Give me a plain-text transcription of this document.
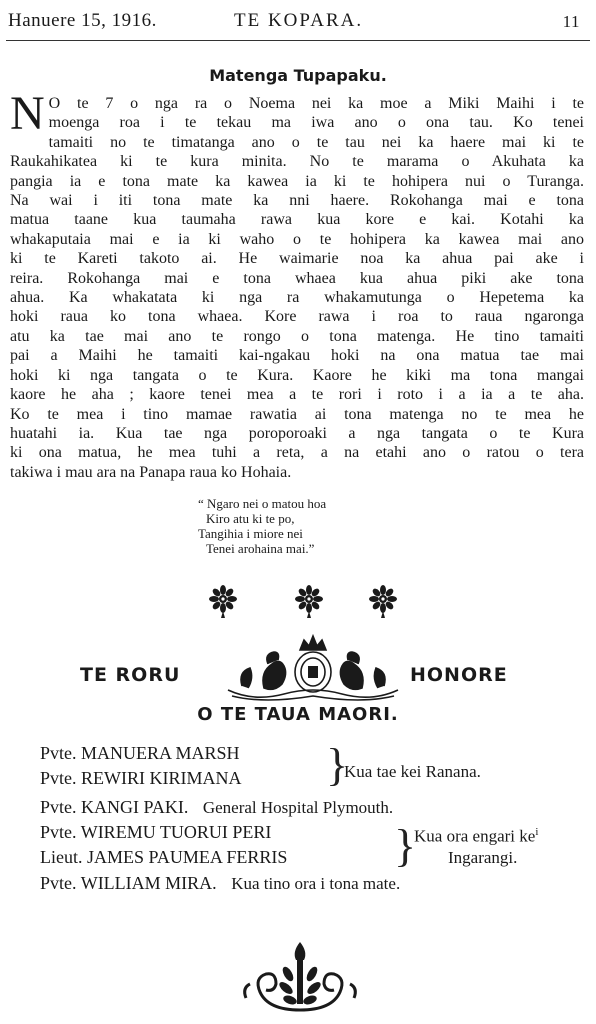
Hanuere 15, 1916.	TE KOPARA.	11
Matenga Tupapaku.
N O te 7 o nga ra o Noema nei ka moe a Miki Maihi i te
moenga roa i te tekau ma iwa ano o ona tau. Ko tenei
tamaiti no te timatanga ano o te tau nei ka haere mai ki te
Raukahikatea ki te kura minita. No te marama o Akuhata ka
pangia ia e tona mate ka kawea ia ki te hohipera nui o Turanga.
Na wai i iti tona mate ka nni haere. Rokohanga mai e tona
matua taane kua taumaha rawa kua kore e kai. Kotahi ka
whakaputaia mai e ia ki waho o te hohipera ka kawea mai ano
ki te Kareti takoto ai. He waimarie noa ka ahua pai ake i
reira. Rokohanga mai e tona whaea kua ahua piki ake tona
ahua. Ka whakatata ki nga ra whakamutunga o Hepetema ka
hoki raua ko tona whaea. Kore rawa i roa to raua ngaronga
atu ka tae mai ano te rongo o tona matenga. He tino tamaiti
pai a Maihi he tamaiti kai-ngakau hoki na ona matua tae mai
hoki ki nga tangata o te Kura. Kaore he kiki ma tona mangai
kaore he aha ; kaore tenei mea a te rori i roto i a ia a te aha.
Ko te mea i tino mamae rawatia ai tona matenga no te mea he
huatahi ia. Kua tae nga poroporoaki a nga tangata o te Kura
ki ona matua, he mea tuhi a reta, a na etahi ano o ratou o tera
takiwa i mau ara na Panapa raua ko Hohaia.
“ Ngaro nei o matou hoa
Kiro atu ki te po,
Tangihia i miore nei
Tenei arohaina mai.”
TE RORU	HONORE
O TE TAUA MAORI.
Pvte. MANUERA MARSH
Pvte. REWIRI KIRIMANA }
Kua tae kei Ranana.
Pvte. KANGI PAKI. General Hospital Plymouth.
Pvte. WIREMU TUORUI PERI
Lieut. JAMES PAUMEA FERRIS }
Kua ora engari $ke^i$
Ingarangi.
Pvte. WILLIAM MIRA. Kua tino ora i tona mate.
